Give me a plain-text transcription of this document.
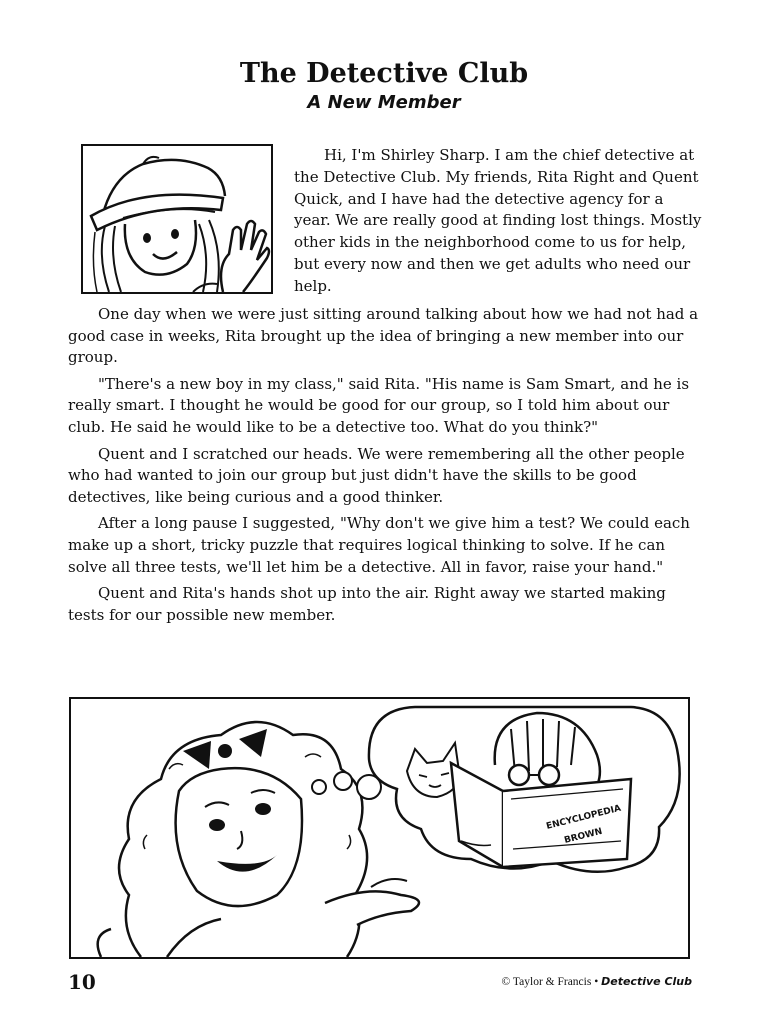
The Detective Club
A New Member

Hi, I'm Shirley Sharp. I am the chief detective at the Detective Club. My friends, Rita Right and Quent Quick, and I have had the detective agency for a year. We are really good at finding lost things. Mostly other kids in the neighborhood come to us for help, but every now and then we get adults who need our help.

One day when we were just sitting around talking about how we had not had a good case in weeks, Rita brought up the idea of bringing a new member into our group.

"There's a new boy in my class," said Rita. "His name is Sam Smart, and he is really smart. I thought he would be good for our group, so I told him about our club. He said he would like to be a detective too. What do you think?"

Quent and I scratched our heads. We were remembering all the other people who had wanted to join our group but just didn't have the skills to be good detectives, like being curious and a good thinker.

After a long pause I suggested, "Why don't we give him a test? We could each make up a short, tricky puzzle that requires logical thinking to solve. If he can solve all three tests, we'll let him be a detective. All in favor, raise your hand."

Quent and Rita's hands shot up into the air. Right away we started making tests for our possible new member.

ENCYCLOPEDIA
BROWN
10	© Taylor & Francis • Detective Club
